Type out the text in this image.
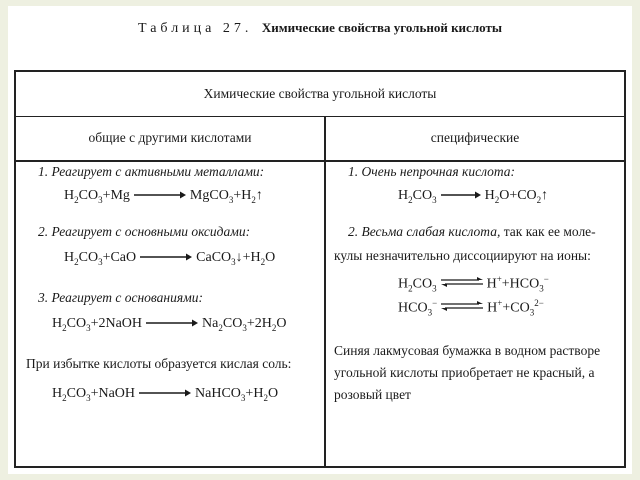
Таблица 27. Химические свойства угольной кислоты
Химические свойства угольной кислоты
общие с другими кислотами	специфические
1. Реагирует с активными металлами:
$H_2CO_3+Mg$ → $MgCO_3+H_2↑$
2. Реагирует с основными оксидами:
$H_2CO_3+CaO$ → $CaCO_3↓+H_2O$
3. Реагирует с основаниями:
$H_2CO_3+2NaOH \to Na_2CO_3+2H_2O$
При избытке кислоты образуется кислая соль:
$H_2CO_3+NaOH$ → $NaHCO_3+H_2O$
1. Очень непрочная кислота:
$H_2CO_3$ → $H_2O+CO_2↑$
2. Весьма слабая кислота, так как ее моле-
кулы незначительно диссоциируют на ионы:
$H_2CO_3$ ⇌ $H^++HCO_3^-$
$HCO_3^-$ ⇌ $H^++CO_3^{2-}$
Синяя лакмусовая бумажка в водном растворе
угольной кислоты приобретает не красный, а
розовый цвет
